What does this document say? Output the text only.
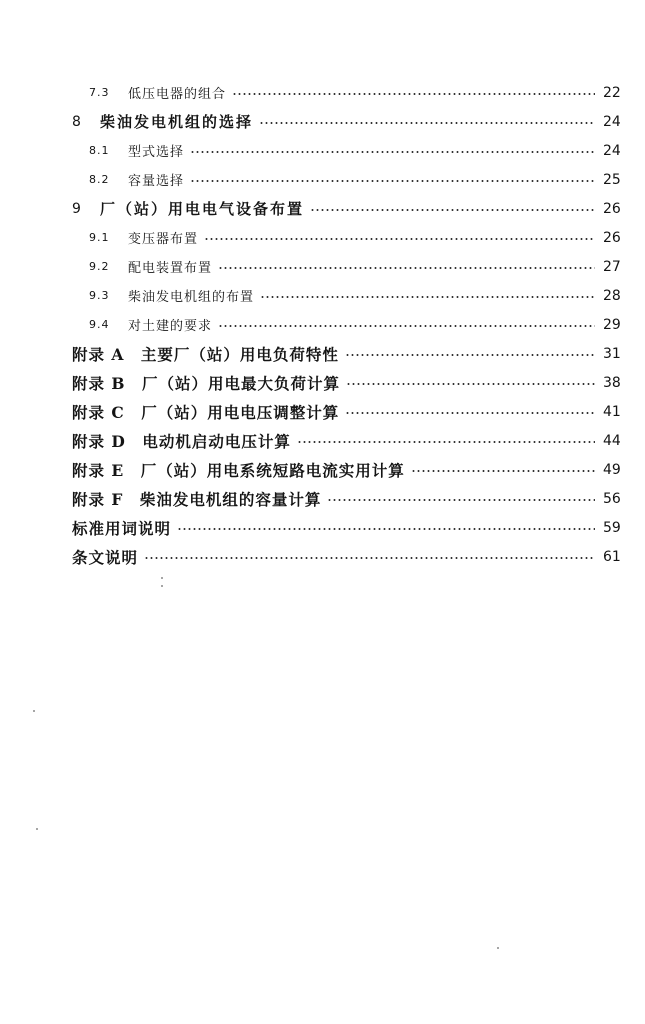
7.3	低压电器的组合	22
8	柴油发电机组的选择	24
8.1	型式选择	24
8.2	容量选择	25
9	厂（站）用电电气设备布置	26
9.1	变压器布置	26
9.2	配电装置布置	27
9.3	柴油发电机组的布置	28
9.4	对土建的要求	29
附录 A　主要厂（站）用电负荷特性	31
附录 B　厂（站）用电最大负荷计算	38
附录 C　厂（站）用电电压调整计算	41
附录 D　电动机启动电压计算	44
附录 E　厂（站）用电系统短路电流实用计算	49
附录 F　柴油发电机组的容量计算	56
标准用词说明	59
条文说明	61
